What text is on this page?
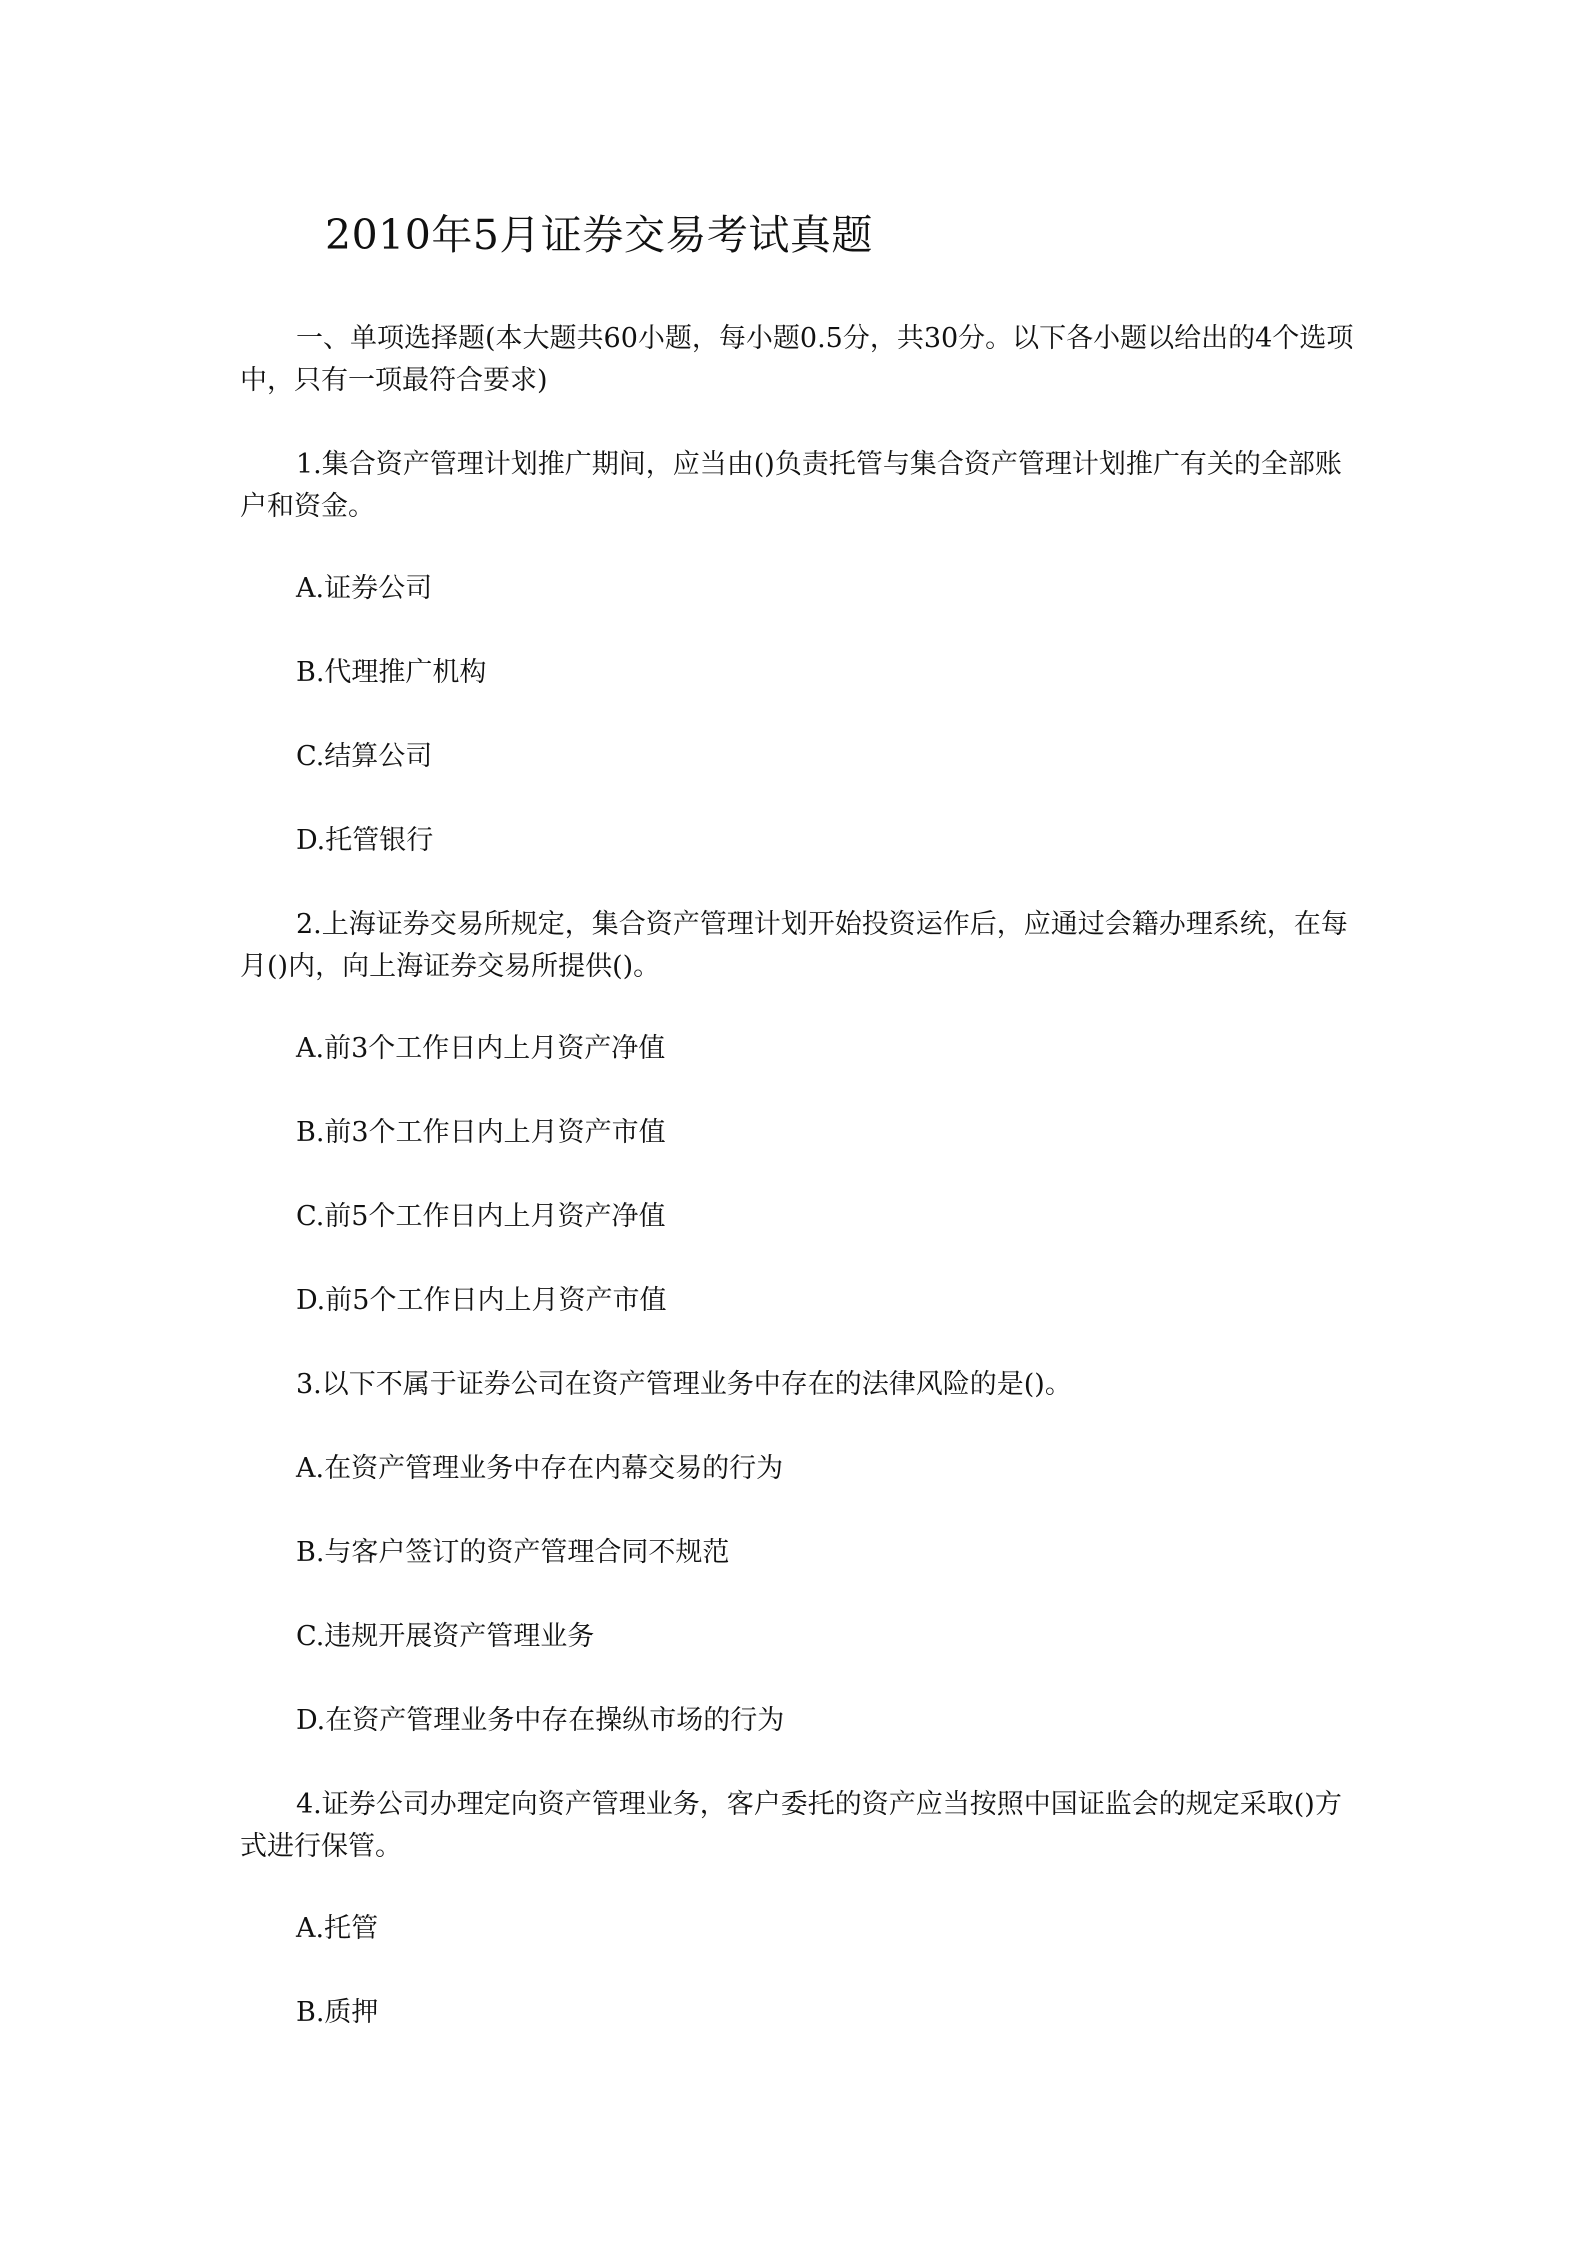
2010年5月证券交易考试真题

一、单项选择题(本大题共60小题，每小题0.5分，共30分。以下各小题以给出的4个选项中，只有一项最符合要求)

1.集合资产管理计划推广期间，应当由()负责托管与集合资产管理计划推广有关的全部账户和资金。

A.证券公司

B.代理推广机构

C.结算公司

D.托管银行

2.上海证券交易所规定，集合资产管理计划开始投资运作后，应通过会籍办理系统，在每月()内，向上海证券交易所提供()。

A.前3个工作日内上月资产净值

B.前3个工作日内上月资产市值

C.前5个工作日内上月资产净值

D.前5个工作日内上月资产市值

3.以下不属于证券公司在资产管理业务中存在的法律风险的是()。

A.在资产管理业务中存在内幕交易的行为

B.与客户签订的资产管理合同不规范

C.违规开展资产管理业务

D.在资产管理业务中存在操纵市场的行为

4.证券公司办理定向资产管理业务，客户委托的资产应当按照中国证监会的规定采取()方式进行保管。

A.托管

B.质押
